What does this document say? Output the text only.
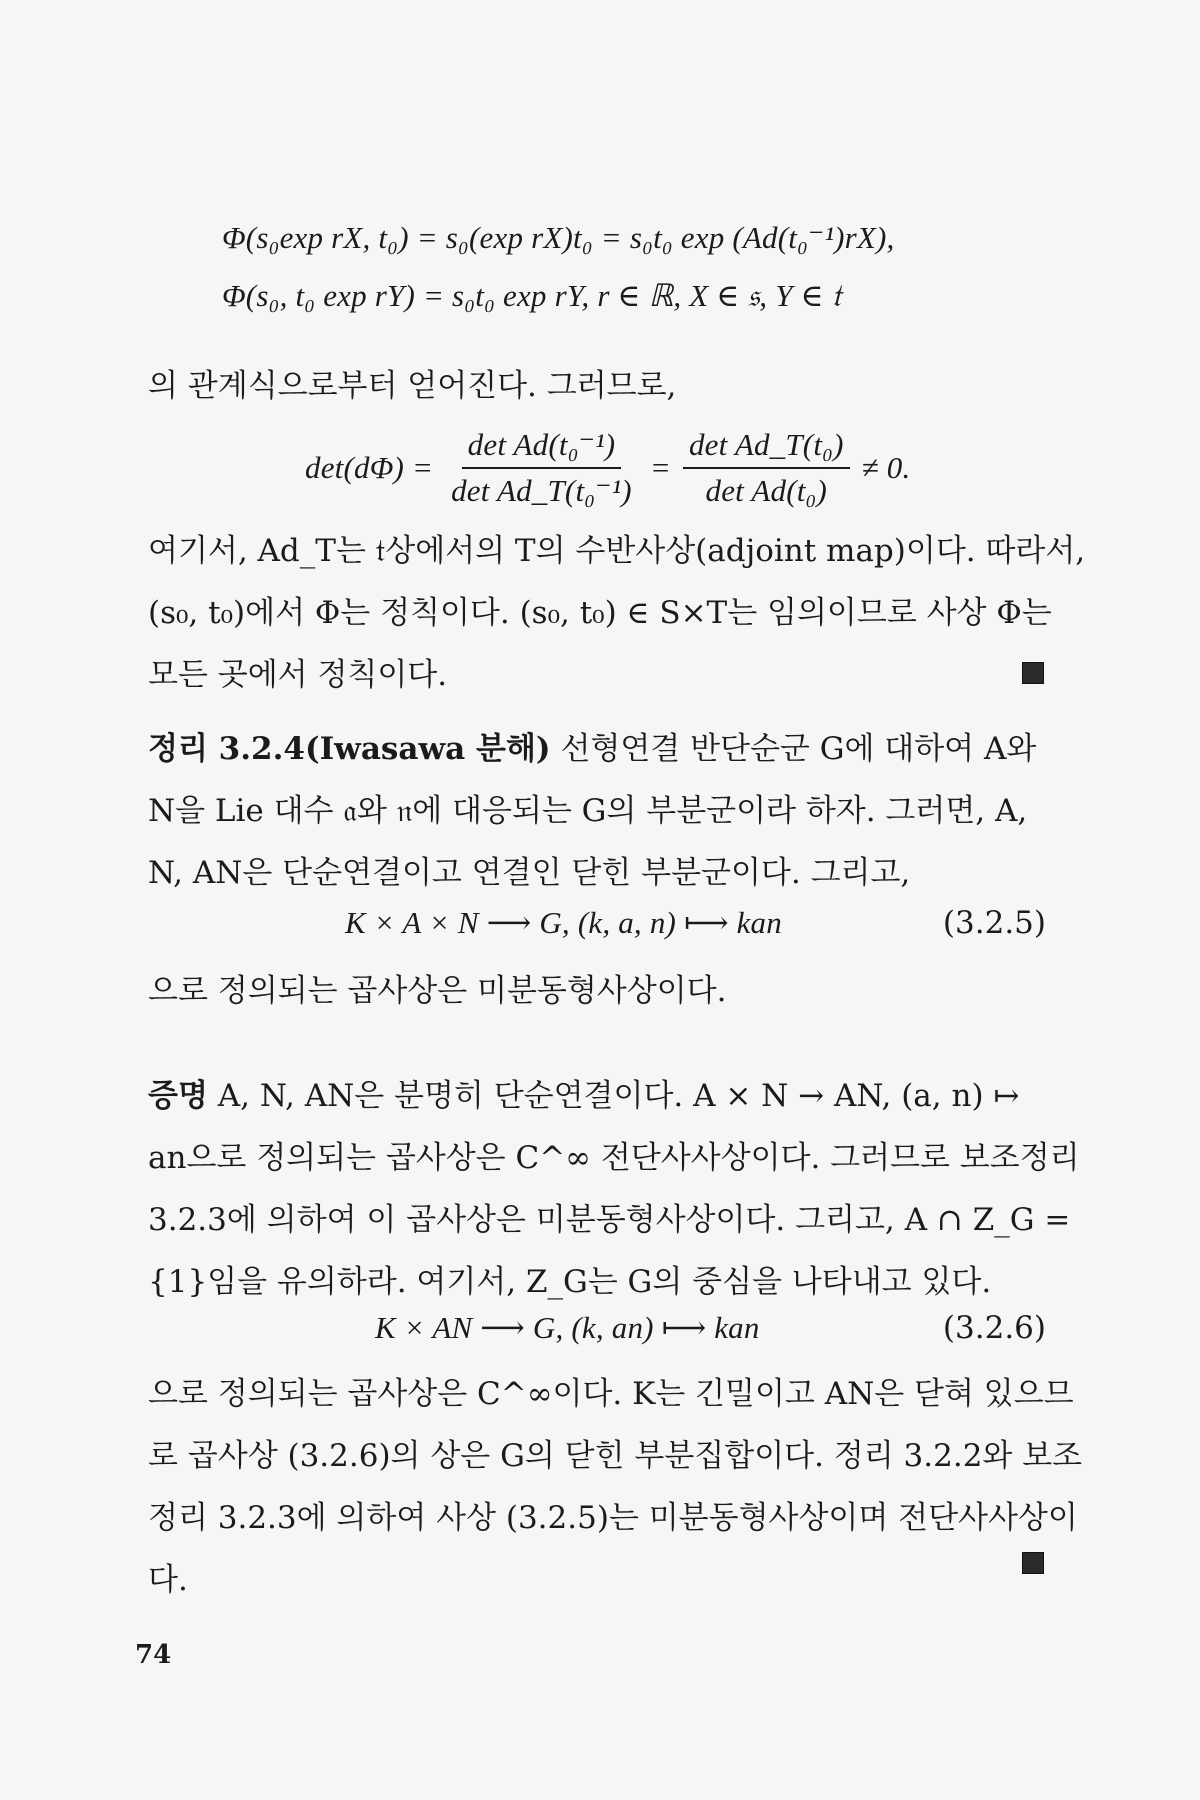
Φ(s₀exp rX, t₀) = s₀(exp rX)t₀ = s₀t₀ exp (Ad(t₀⁻¹)rX),
Φ(s₀, t₀ exp rY) = s₀t₀ exp rY, r ∈ ℝ, X ∈ 𝔰, Y ∈ 𝔱
의 관계식으로부터 얻어진다. 그러므로,
$\det(d\Phi) = \frac{\text{det Ad(t₀⁻¹)}}{\text{det Ad\_T(t₀⁻¹)}} = \frac{\text{det Ad\_T(t₀)}}{\text{det Ad(t₀)}} \ne 0$.
여기서, Ad_T는 𝔱상에서의 T의 수반사상(adjoint map)이다. 따라서,
(s₀, t₀)에서 Φ는 정칙이다. (s₀, t₀) ∈ S×T는 임의이므로 사상 Φ는
모든 곳에서 정칙이다.
정리 3.2.4(Iwasawa 분해) 선형연결 반단순군 G에 대하여 A와
N을 Lie 대수 𝔞와 𝔫에 대응되는 G의 부분군이라 하자. 그러면, A,
N, AN은 단순연결이고 연결인 닫힌 부분군이다. 그리고,
K × A × N ⟶ G, (k, a, n) ⟼ kan	(3.2.5)
으로 정의되는 곱사상은 미분동형사상이다.
증명 A, N, AN은 분명히 단순연결이다. A × N → AN, (a, n) ↦
an으로 정의되는 곱사상은 C^∞ 전단사사상이다. 그러므로 보조정리
3.2.3에 의하여 이 곱사상은 미분동형사상이다. 그리고, A ∩ Z_G =
{1}임을 유의하라. 여기서, Z_G는 G의 중심을 나타내고 있다.
K × AN ⟶ G, (k, an) ⟼ kan	(3.2.6)
으로 정의되는 곱사상은 C^∞이다. K는 긴밀이고 AN은 닫혀 있으므
로 곱사상 (3.2.6)의 상은 G의 닫힌 부분집합이다. 정리 3.2.2와 보조
정리 3.2.3에 의하여 사상 (3.2.5)는 미분동형사상이며 전단사사상이
다.
74
